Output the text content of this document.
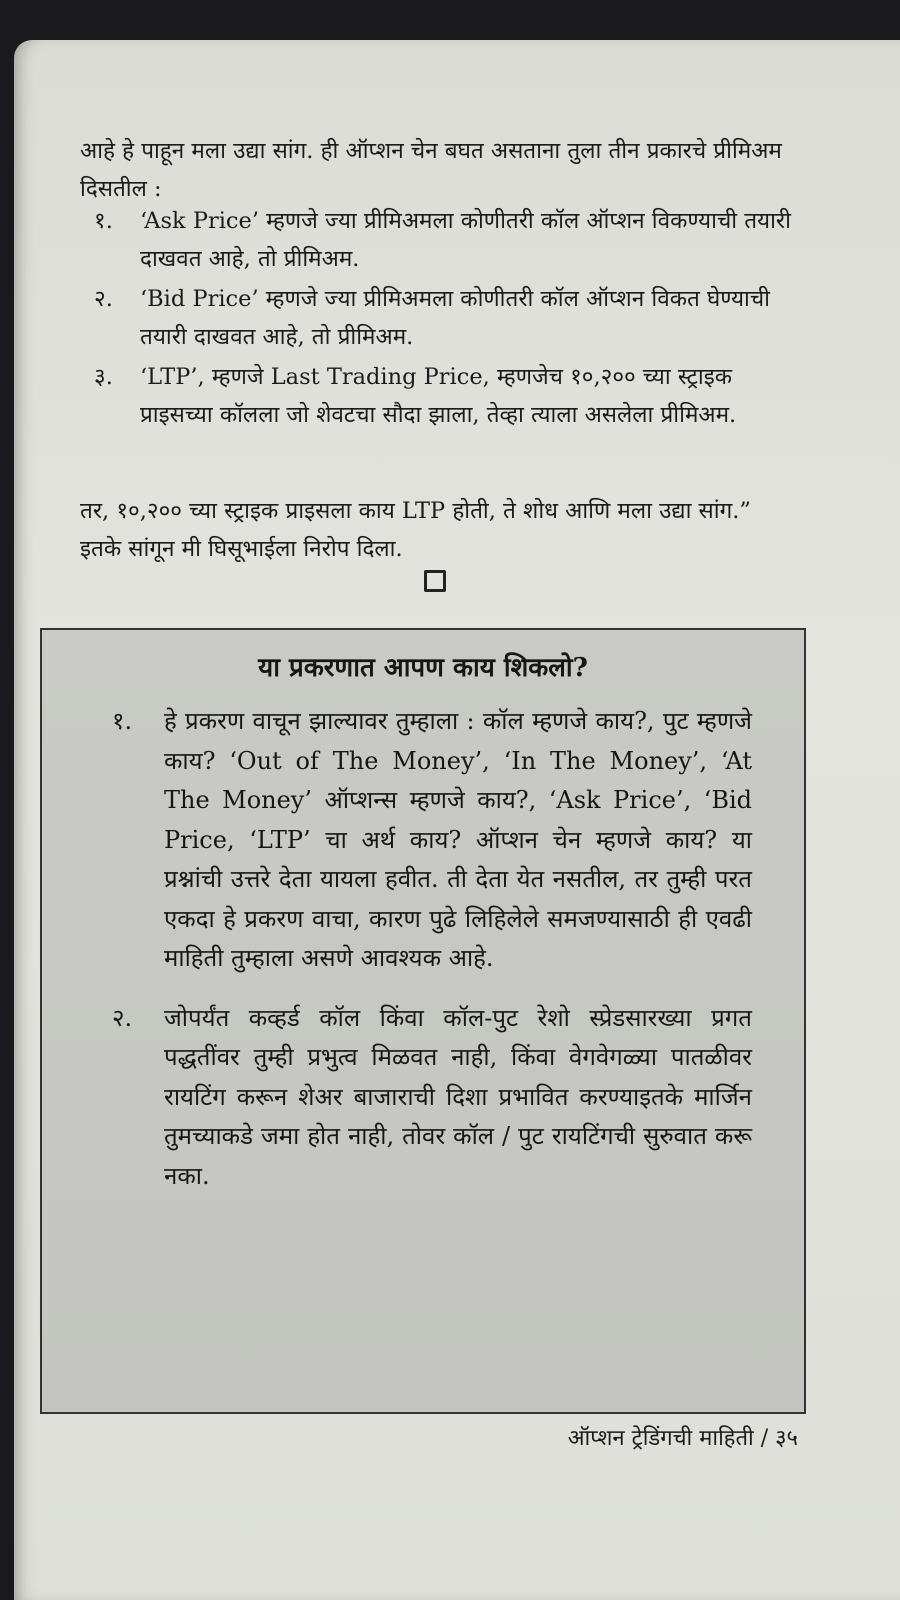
आहे हे पाहून मला उद्या सांग. ही ऑप्शन चेन बघत असताना तुला तीन प्रकारचे प्रीमिअम दिसतील :
१.	‘Ask Price’ म्हणजे ज्या प्रीमिअमला कोणीतरी कॉल ऑप्शन विकण्याची तयारी दाखवत आहे, तो प्रीमिअम.
२.	‘Bid Price’ म्हणजे ज्या प्रीमिअमला कोणीतरी कॉल ऑप्शन विकत घेण्याची तयारी दाखवत आहे, तो प्रीमिअम.
३.	‘LTP’, म्हणजे Last Trading Price, म्हणजेच १०,२०० च्या स्ट्राइक प्राइसच्या कॉलला जो शेवटचा सौदा झाला, तेव्हा त्याला असलेला प्रीमिअम.
तर, १०,२०० च्या स्ट्राइक प्राइसला काय LTP होती, ते शोध आणि मला उद्या सांग.” इतके सांगून मी घिसूभाईला निरोप दिला.
या प्रकरणात आपण काय शिकलो?
१.	हे प्रकरण वाचून झाल्यावर तुम्हाला : कॉल म्हणजे काय?, पुट म्हणजे काय? ‘Out of The Money’, ‘In The Money’, ‘At The Money’ ऑप्शन्स म्हणजे काय?, ‘Ask Price’, ‘Bid Price, ‘LTP’ चा अर्थ काय? ऑप्शन चेन म्हणजे काय? या प्रश्नांची उत्तरे देता यायला हवीत. ती देता येत नसतील, तर तुम्ही परत एकदा हे प्रकरण वाचा, कारण पुढे लिहिलेले समजण्यासाठी ही एवढी माहिती तुम्हाला असणे आवश्यक आहे.
२.	जोपर्यंत कव्हर्ड कॉल किंवा कॉल-पुट रेशो स्प्रेडसारख्या प्रगत पद्धतींवर तुम्ही प्रभुत्व मिळवत नाही, किंवा वेगवेगळ्या पातळीवर रायटिंग करून शेअर बाजाराची दिशा प्रभावित करण्याइतके मार्जिन तुमच्याकडे जमा होत नाही, तोवर कॉल / पुट रायटिंगची सुरुवात करू नका.
ऑप्शन ट्रेडिंगची माहिती / ३५
